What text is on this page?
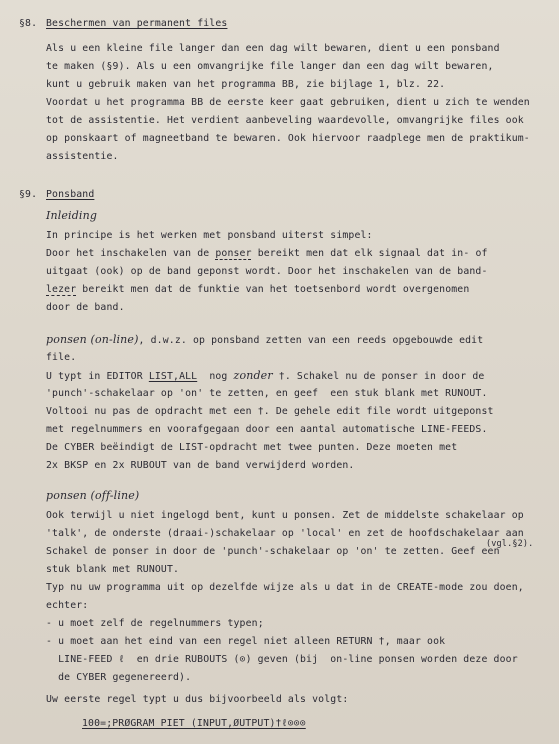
§8. Beschermen van permanent files
Als u een kleine file langer dan een dag wilt bewaren, dient u een ponsband
te maken (§9). Als u een omvangrijke file langer dan een dag wilt bewaren,
kunt u gebruik maken van het programma BB, zie bijlage 1, blz. 22.
Voordat u het programma BB de eerste keer gaat gebruiken, dient u zich te wenden
tot de assistentie. Het verdient aanbeveling waardevolle, omvangrijke files ook
op ponskaart of magneetband te bewaren. Ook hiervoor raadplege men de praktikum-
assistentie.
§9. Ponsband
Inleiding
In principe is het werken met ponsband uiterst simpel:
Door het inschakelen van de ponser bereikt men dat elk signaal dat in- of
uitgaat (ook) op de band geponst wordt. Door het inschakelen van de band-
lezer bereikt men dat de funktie van het toetsenbord wordt overgenomen
door de band.
ponsen (on-line), d.w.z. op ponsband zetten van een reeds opgebouwde edit
file.
U typt in EDITOR LIST,ALL  nog zonder †. Schakel nu de ponser in door de
'punch'-schakelaar op 'on' te zetten, en geef  een stuk blank met RUNOUT.
Voltooi nu pas de opdracht met een †. De gehele edit file wordt uitgeponst
met regelnummers en voorafgegaan door een aantal automatische LINE-FEEDS.
De CYBER beëindigt de LIST-opdracht met twee punten. Deze moeten met
2x BKSP en 2x RUBOUT van de band verwijderd worden.
ponsen (off-line)
Ook terwijl u niet ingelogd bent, kunt u ponsen. Zet de middelste schakelaar op
'talk', de onderste (draai-)schakelaar op 'local' en zet de hoofdschakelaar aan
(vgl.§2).
Schakel de ponser in door de 'punch'-schakelaar op 'on' te zetten. Geef een
stuk blank met RUNOUT.
Typ nu uw programma uit op dezelfde wijze als u dat in de CREATE-mode zou doen,
echter:
- u moet zelf de regelnummers typen;
- u moet aan het eind van een regel niet alleen RETURN †, maar ook
LINE-FEED ℓ  en drie RUBOUTS (⊙) geven (bij  on-line ponsen worden deze door
de CYBER gegenereerd).
Uw eerste regel typt u dus bijvoorbeeld als volgt:
100=;PRØGRAM PIET (INPUT,ØUTPUT)†ℓ⊙⊙⊙
